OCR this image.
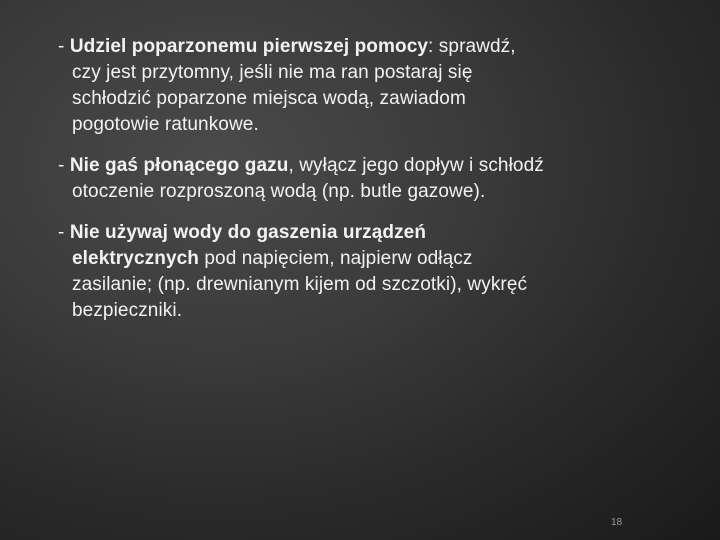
- Udziel poparzonemu pierwszej pomocy: sprawdź,
czy jest przytomny, jeśli nie ma ran postaraj się
schłodzić poparzone miejsca wodą, zawiadom
pogotowie ratunkowe.
- Nie gaś płonącego gazu, wyłącz jego dopływ i schłodź
otoczenie rozproszoną wodą (np. butle gazowe).
- Nie używaj wody do gaszenia urządzeń
elektrycznych pod napięciem, najpierw odłącz
zasilanie; (np. drewnianym kijem od szczotki), wykręć
bezpieczniki.
18
